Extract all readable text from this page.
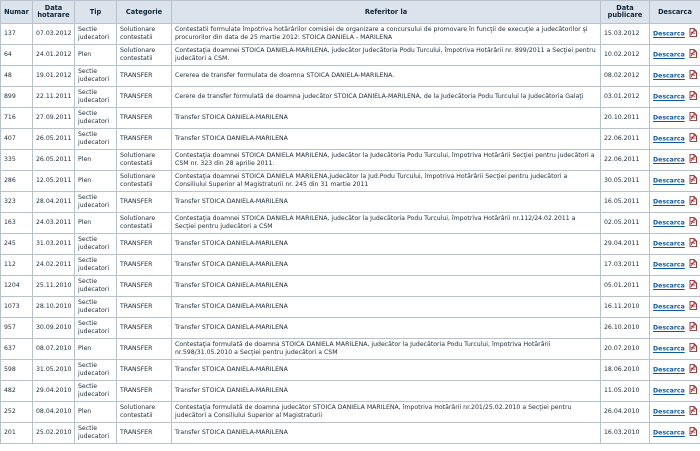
Numar	Data hotarare	Tip	Categorie	Referitor la	Data publicare	Descarca
137	07.03.2012	Sectie judecatori	Solutionare contestatii	Contestatii formulate împotriva hotărârilor comisiei de organizare a concursului de promovare în funcţii de execuţie a judecătorilor şi procurorilor din data de 25 martie 2012: STOICA DANIELA - MARILENA	15.03.2012	Descarca
64	24.01.2012	Plen	Solutionare contestatii	Contestaţia doamnei STOICA DANIELA-MARILENA, judecător Judecătoria Podu Turcului, împotriva Hotărârii nr. 899/2011 a Secţiei pentru judecători a CSM.	10.02.2012	Descarca
48	19.01.2012	Sectie judecatori	TRANSFER	Cererea de transfer formulata de doamna STOICA DANIELA-MARILENA.	08.02.2012	Descarca
899	22.11.2011	Sectie judecatori	TRANSFER	Cerere de transfer formulată de doamna judecător STOICA DANIELA-MARILENA, de la Judecătoria Podu Turcului la Judecătoria Galaţi	03.01.2012	Descarca
716	27.09.2011	Sectie judecatori	TRANSFER	Transfer STOICA DANIELA-MARILENA	20.10.2011	Descarca
407	26.05.2011	Sectie judecatori	TRANSFER	Transfer STOICA DANIELA-MARILENA	22.06.2011	Descarca
335	26.05.2011	Plen	Solutionare contestatii	Contestaţia doamnei STOICA DANIELA MARILENA, judecător la Judecătoria Podu Turcului, împotriva Hotărârii Secţiei pentru judecători a CSM nr. 323 din 28 aprilie 2011.	22.06.2011	Descarca
286	12.05.2011	Plen	Solutionare contestatii	Contestaţia doamnei STOICA DANIELA MARILENA,judecător la Jud.Podu Turcului, împotriva Hotărârii Secţiei pentru judecători a Consiliului Superior al Magistraturii nr. 245 din 31 martie 2011	30.05.2011	Descarca
323	28.04.2011	Sectie judecatori	TRANSFER	Transfer STOICA DANIELA-MARILENA	16.05.2011	Descarca
163	24.03.2011	Plen	Solutionare contestatii	Contestaţia doamnei STOICA DANIELA MARILENA, judecător la Judecătoria Podu Turcului, împotriva Hotărârii nr.112/24.02.2011 a Secţiei pentru judecători a CSM	02.05.2011	Descarca
245	31.03.2011	Sectie judecatori	TRANSFER	Transfer STOICA DANIELA-MARILENA	29.04.2011	Descarca
112	24.02.2011	Sectie judecatori	TRANSFER	Transfer STOICA DANIELA-MARILENA	17.03.2011	Descarca
1204	25.11.2010	Sectie judecatori	TRANSFER	Transfer STOICA DANIELA-MARILENA	05.01.2011	Descarca
1073	28.10.2010	Sectie judecatori	TRANSFER	Transfer STOICA DANIELA-MARILENA	16.11.2010	Descarca
957	30.09.2010	Sectie judecatori	TRANSFER	Transfer STOICA DANIELA-MARILENA	26.10.2010	Descarca
637	08.07.2010	Plen	TRANSFER	Contestaţia formulată de doamna STOICA DANIELA MARILENA, judecător la Judecătoria Podu Turcului, împotriva Hotărârii nr.598/31.05.2010 a Secţiei pentru judecători a CSM	20.07.2010	Descarca
598	31.05.2010	Sectie judecatori	TRANSFER	Transfer STOICA DANIELA-MARILENA	18.06.2010	Descarca
482	29.04.2010	Sectie judecatori	TRANSFER	Transfer STOICA DANIELA-MARILENA	11.05.2010	Descarca
252	08.04.2010	Plen	Solutionare contestatii	Contestaţia formulată de doamna judecător STOICA DANIELA MARILENA, împotriva Hotărârii nr.201/25.02.2010 a Secţiei pentru judecători a Consiliului Superior al Magistraturii	26.04.2010	Descarca
201	25.02.2010	Sectie judecatori	TRANSFER	Transfer STOICA DANIELA-MARILENA	16.03.2010	Descarca
